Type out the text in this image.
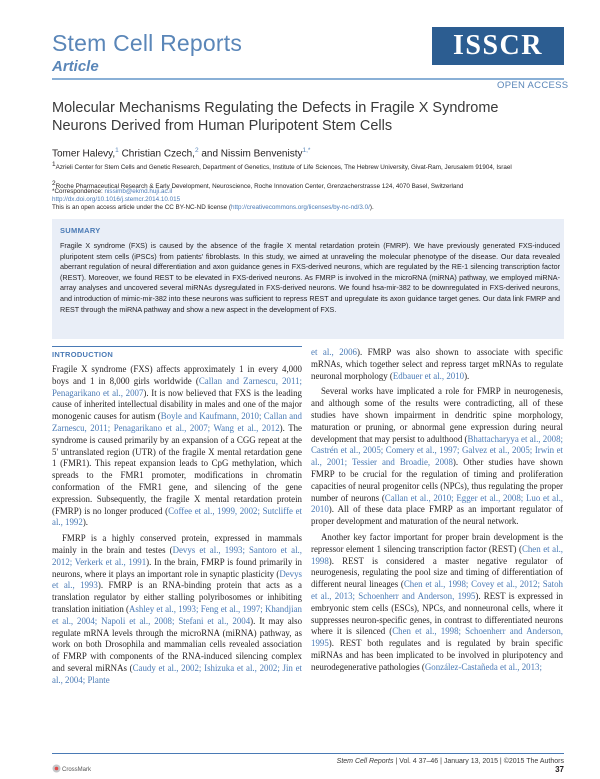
Stem Cell Reports
Article
ISSCR
OPEN ACCESS
Molecular Mechanisms Regulating the Defects in Fragile X Syndrome
Neurons Derived from Human Pluripotent Stem Cells
Tomer Halevy,$^1$ Christian Czech,$^2$ and Nissim Benvenisty$^{1,*}$
$^1$Azrieli Center for Stem Cells and Genetic Research, Department of Genetics, Institute of Life Sciences, The Hebrew University, Givat-Ram, Jerusalem 91904, Israel
$^2$Roche Pharmaceutical Research & Early Development, Neuroscience, Roche Innovation Center, Grenzacherstrasse 124, 4070 Basel, Switzerland
*Correspondence: nissimb@ekmd.huji.ac.il
http://dx.doi.org/10.1016/j.stemcr.2014.10.015
This is an open access article under the CC BY-NC-ND license (http://creativecommons.org/licenses/by-nc-nd/3.0/).
SUMMARY
Fragile X syndrome (FXS) is caused by the absence of the fragile X mental retardation protein (FMRP). We have previously generated FXS-induced pluripotent stem cells (iPSCs) from patients' fibroblasts. In this study, we aimed at unraveling the molecular phenotype of the disease. Our data revealed aberrant regulation of neural differentiation and axon guidance genes in FXS-derived neurons, which are regulated by the RE-1 silencing transcription factor (REST). Moreover, we found REST to be elevated in FXS-derived neurons. As FMRP is involved in the microRNA (miRNA) pathway, we employed miRNA-array analyses and uncovered several miRNAs dysregulated in FXS-derived neurons. We found hsa-mir-382 to be downregulated in FXS-derived neurons, and introduction of mimic-mir-382 into these neurons was sufficient to repress REST and upregulate its axon guidance target genes. Our data link FMRP and REST through the miRNA pathway and show a new aspect in the development of FXS.
INTRODUCTION

Fragile X syndrome (FXS) affects approximately 1 in every 4,000 boys and 1 in 8,000 girls worldwide (Callan and Zarnescu, 2011; Penagarikano et al., 2007). It is now believed that FXS is the leading cause of inherited intellectual disability in males and one of the major monogenic causes for autism (Boyle and Kaufmann, 2010; Callan and Zarnescu, 2011; Penagarikano et al., 2007; Wang et al., 2012). The syndrome is caused primarily by an expansion of a CGG repeat at the 5' untranslated region (UTR) of the fragile X mental retardation gene 1 (FMR1). This repeat expansion leads to CpG methylation, which spreads to the FMR1 promoter, modifications in chromatin conformation of the FMR1 gene, and silencing of the gene expression. Subsequently, the fragile X mental retardation protein (FMRP) is no longer produced (Coffee et al., 1999, 2002; Sutcliffe et al., 1992).

FMRP is a highly conserved protein, expressed in mammals mainly in the brain and testes (Devys et al., 1993; Santoro et al., 2012; Verkerk et al., 1991). In the brain, FMRP is found primarily in neurons, where it plays an important role in synaptic plasticity (Devys et al., 1993). FMRP is an RNA-binding protein that acts as a translation regulator by either stalling polyribosomes or inhibiting translation initiation (Ashley et al., 1993; Feng et al., 1997; Khandjian et al., 2004; Napoli et al., 2008; Stefani et al., 2004). It may also regulate mRNA levels through the microRNA (miRNA) pathway, as work on both Drosophila and mammalian cells revealed association of FMRP with components of the RNA-induced silencing complex and several miRNAs (Caudy et al., 2002; Ishizuka et al., 2002; Jin et al., 2004; Plante

et al., 2006). FMRP was also shown to associate with specific mRNAs, which together select and repress target mRNAs to regulate neuronal morphology (Edbauer et al., 2010).

Several works have implicated a role for FMRP in neurogenesis, and although some of the results were contradicting, all of these studies have shown impairment in dendritic spine morphology, maturation or pruning, or abnormal gene expression during neural development that may persist to adulthood (Bhattacharyya et al., 2008; Castrén et al., 2005; Comery et al., 1997; Galvez et al., 2005; Irwin et al., 2001; Tessier and Broadie, 2008). Other studies have shown FMRP to be crucial for the regulation of timing and proliferation capacities of neural progenitor cells (NPCs), thus regulating the proper number of neurons (Callan et al., 2010; Egger et al., 2008; Luo et al., 2010). All of these data place FMRP as an important regulator of proper development and maturation of the neural network.

Another key factor important for proper brain development is the repressor element 1 silencing transcription factor (REST) (Chen et al., 1998). REST is considered a master negative regulator of neurogenesis, regulating the pool size and timing of differentiation of different neural lineages (Chen et al., 1998; Covey et al., 2012; Satoh et al., 2013; Schoenherr and Anderson, 1995). REST is expressed in embryonic stem cells (ESCs), NPCs, and nonneuronal cells, where it suppresses neuron-specific genes, in contrast to differentiated neurons where it is silenced (Chen et al., 1998; Schoenherr and Anderson, 1995). REST both regulates and is regulated by brain specific miRNAs and has been implicated to be involved in pluripotency and neurodegenerative pathologies (González-Castañeda et al., 2013;

CrossMark
Stem Cell Reports | Vol. 4 37–46 | January 13, 2015 | ©2015 The Authors 37
